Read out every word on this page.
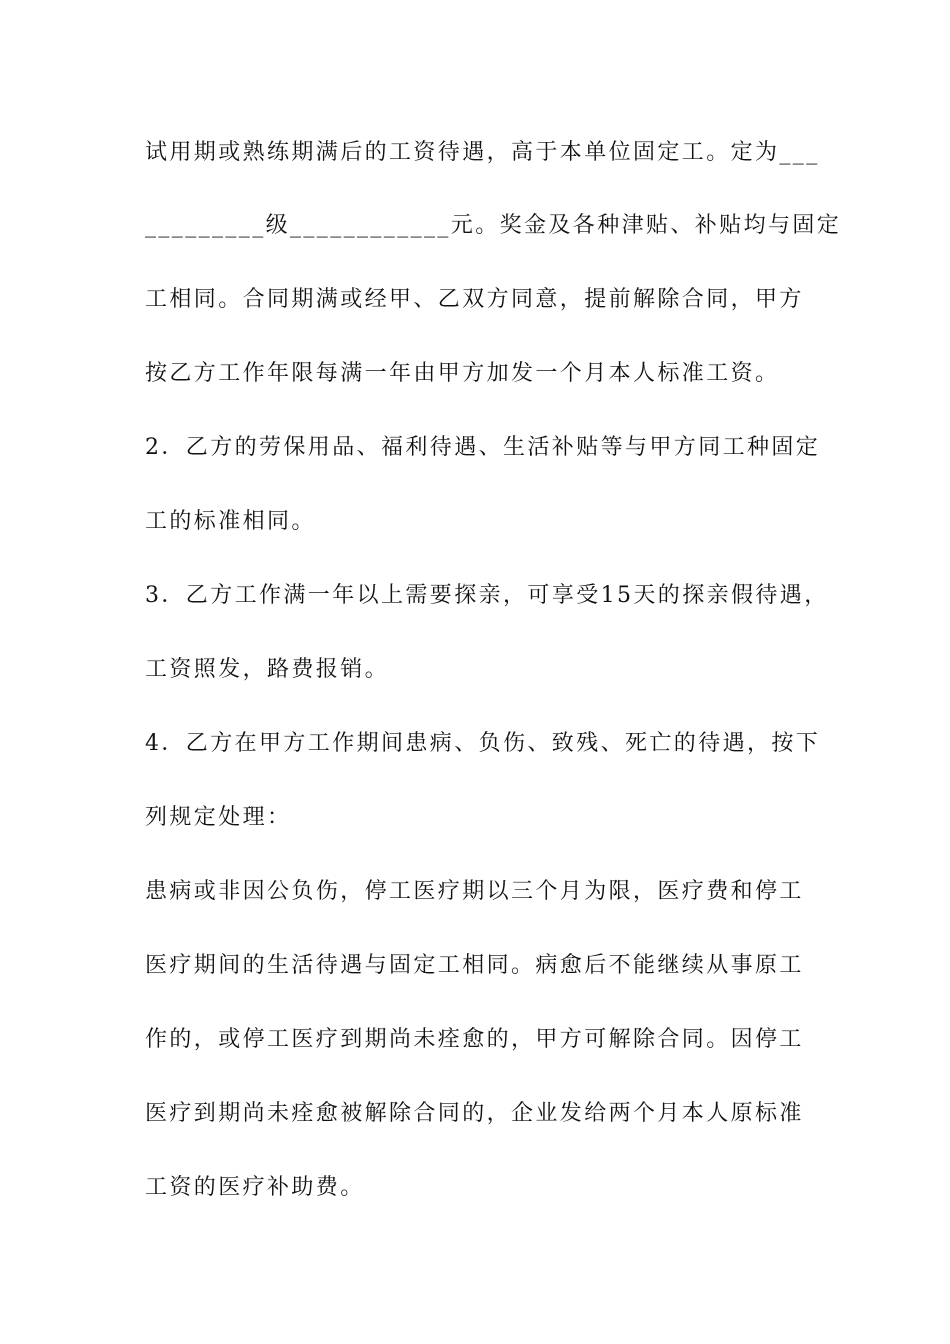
试用期或熟练期满后的工资待遇，高于本单位固定工。定为___
_________级____________元。奖金及各种津贴、补贴均与固定
工相同。合同期满或经甲、乙双方同意，提前解除合同，甲方
按乙方工作年限每满一年由甲方加发一个月本人标准工资。
2．乙方的劳保用品、福利待遇、生活补贴等与甲方同工种固定
工的标准相同。
3．乙方工作满一年以上需要探亲，可享受15天的探亲假待遇，
工资照发，路费报销。
4．乙方在甲方工作期间患病、负伤、致残、死亡的待遇，按下
列规定处理：
患病或非因公负伤，停工医疗期以三个月为限，医疗费和停工
医疗期间的生活待遇与固定工相同。病愈后不能继续从事原工
作的，或停工医疗到期尚未痊愈的，甲方可解除合同。因停工
医疗到期尚未痊愈被解除合同的，企业发给两个月本人原标准
工资的医疗补助费。
